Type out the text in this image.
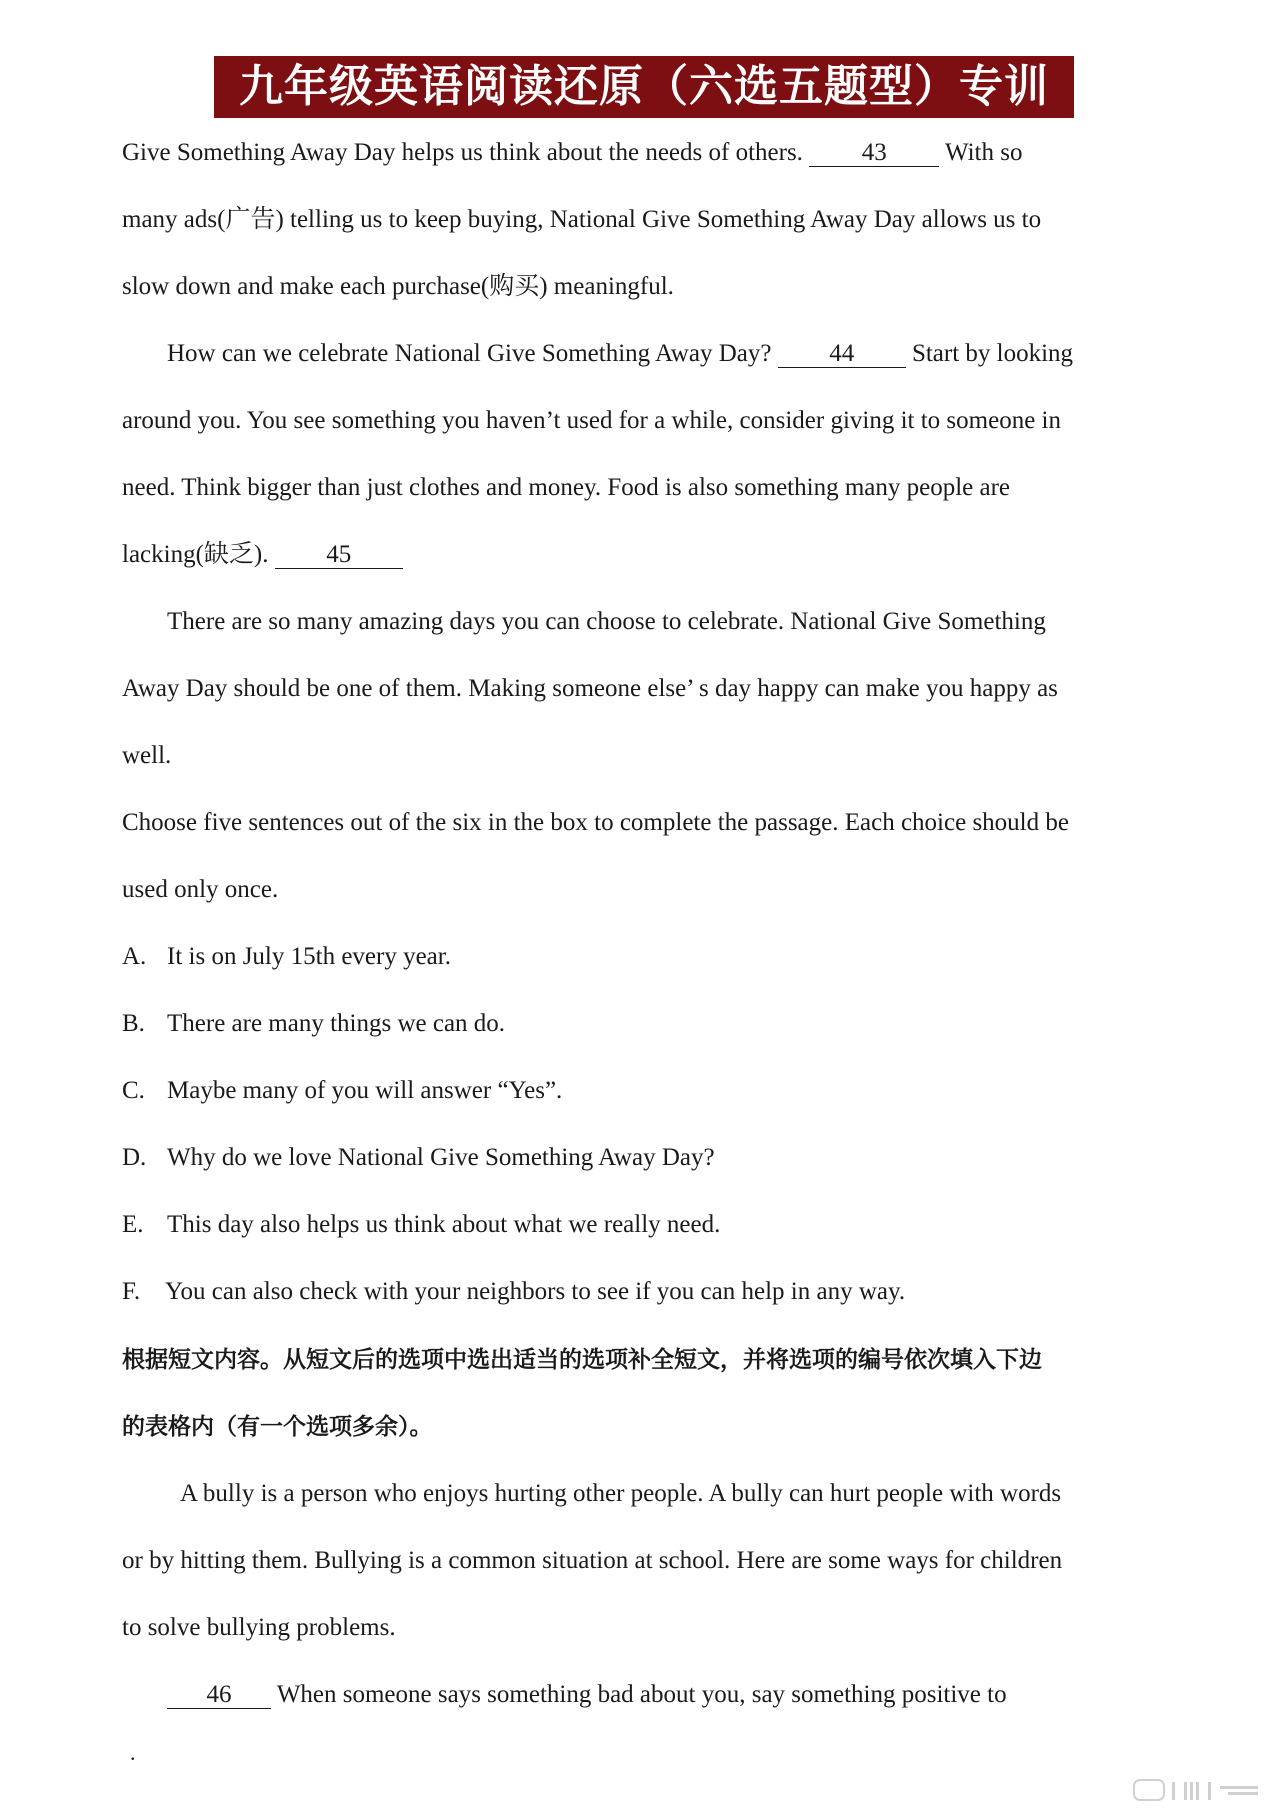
九年级英语阅读还原（六选五题型）专训
Give Something Away Day helps us think about the needs of others. 43 With so
many ads(广告) telling us to keep buying, National Give Something Away Day allows us to
slow down and make each purchase(购买) meaningful.
How can we celebrate National Give Something Away Day? 44 Start by looking
around you. You see something you haven’t used for a while, consider giving it to someone in
need. Think bigger than just clothes and money. Food is also something many people are
lacking(缺乏). 45
There are so many amazing days you can choose to celebrate. National Give Something
Away Day should be one of them. Making someone else’ s day happy can make you happy as
well.
Choose five sentences out of the six in the box to complete the passage. Each choice should be
used only once.
A. It is on July 15th every year.
B. There are many things we can do.
C. Maybe many of you will answer “Yes”.
D. Why do we love National Give Something Away Day?
E. This day also helps us think about what we really need.
F. You can also check with your neighbors to see if you can help in any way.
根据短文内容。从短文后的选项中选出适当的选项补全短文，并将选项的编号依次填入下边
的表格内（有一个选项多余）。
A bully is a person who enjoys hurting other people. A bully can hurt people with words
or by hitting them. Bullying is a common situation at school. Here are some ways for children
to solve bullying problems.
46 When someone says something bad about you, say something positive to
.
